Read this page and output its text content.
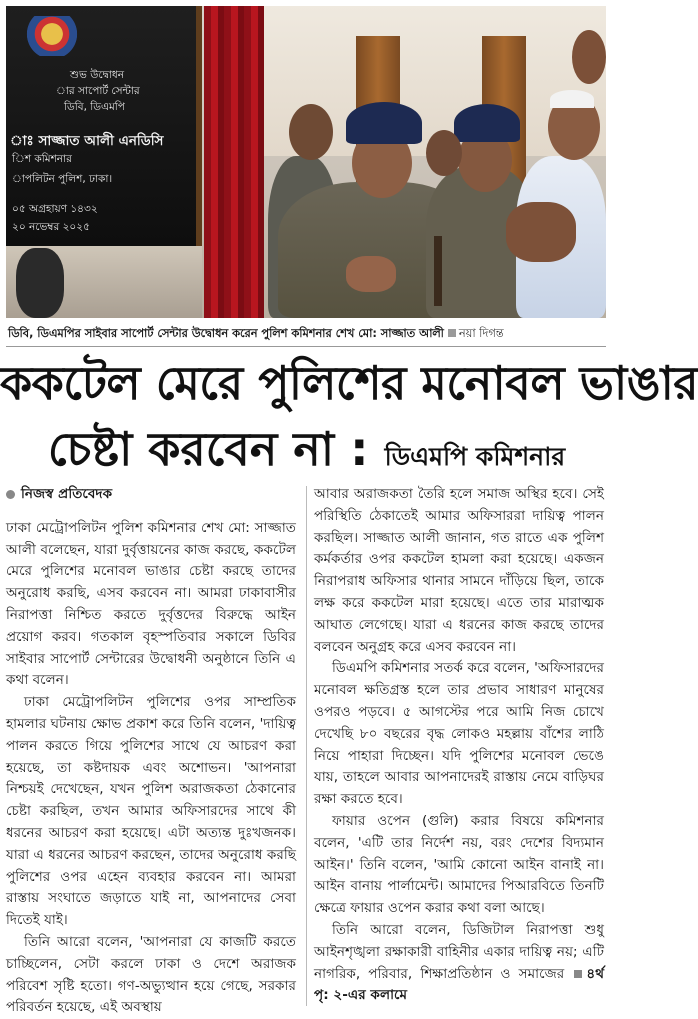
শুভ উদ্বোধন
ার সাপোর্ট সেন্টার
ডিবি, ডিএমপি
াঃ সাজ্জাত আলী এনডিসি
িশ কমিশনার
াপলিটন পুলিশ, ঢাকা।
০৫ অগ্রহায়ণ ১৪৩২
২০ নভেম্বর ২০২৫
ডিবি, ডিএমপির সাইবার সাপোর্ট সেন্টার উদ্বোধন করেন পুলিশ কমিশনার শেখ মো: সাজ্জাত আলী নয়া দিগন্ত
ককটেল মেরে পুলিশের মনোবল ভাঙার
চেষ্টা করবেন না : ডিএমপি কমিশনার
নিজস্ব প্রতিবেদক

ঢাকা মেট্রোপলিটন পুলিশ কমিশনার শেখ মো: সাজ্জাত আলী বলেছেন, যারা দুর্বৃত্তায়নের কাজ করছে, ককটেল মেরে পুলিশের মনোবল ভাঙার চেষ্টা করছে তাদের অনুরোধ করছি, এসব করবেন না। আমরা ঢাকাবাসীর নিরাপত্তা নিশ্চিত করতে দুর্বৃত্তদের বিরুদ্ধে আইন প্রয়োগ করব। গতকাল বৃহস্পতিবার সকালে ডিবির সাইবার সাপোর্ট সেন্টারের উদ্বোধনী অনুষ্ঠানে তিনি এ কথা বলেন।

ঢাকা মেট্রোপলিটন পুলিশের ওপর সাম্প্রতিক হামলার ঘটনায় ক্ষোভ প্রকাশ করে তিনি বলেন, 'দায়িত্ব পালন করতে গিয়ে পুলিশের সাথে যে আচরণ করা হয়েছে, তা কষ্টদায়ক এবং অশোভন। 'আপনারা নিশ্চয়ই দেখেছেন, যখন পুলিশ অরাজকতা ঠেকানোর চেষ্টা করছিল, তখন আমার অফিসারদের সাথে কী ধরনের আচরণ করা হয়েছে। এটা অত্যন্ত দুঃখজনক। যারা এ ধরনের আচরণ করছেন, তাদের অনুরোধ করছি পুলিশের ওপর এহেন ব্যবহার করবেন না। আমরা রাস্তায় সংঘাতে জড়াতে যাই না, আপনাদের সেবা দিতেই যাই।

তিনি আরো বলেন, 'আপনারা যে কাজটি করতে চাচ্ছিলেন, সেটা করলে ঢাকা ও দেশে অরাজক পরিবেশ সৃষ্টি হতো। গণ-অভ্যুত্থান হয়ে গেছে, সরকার পরিবর্তন হয়েছে, এই অবস্থায়

আবার অরাজকতা তৈরি হলে সমাজ অস্থির হবে। সেই পরিস্থিতি ঠেকাতেই আমার অফিসাররা দায়িত্ব পালন করছিল। সাজ্জাত আলী জানান, গত রাতে এক পুলিশ কর্মকর্তার ওপর ককটেল হামলা করা হয়েছে। একজন নিরাপরাধ অফিসার থানার সামনে দাঁড়িয়ে ছিল, তাকে লক্ষ করে ককটেল মারা হয়েছে। এতে তার মারাত্মক আঘাত লেগেছে। যারা এ ধরনের কাজ করছে তাদের বলবেন অনুগ্রহ করে এসব করবেন না।

ডিএমপি কমিশনার সতর্ক করে বলেন, 'অফিসারদের মনোবল ক্ষতিগ্রস্ত হলে তার প্রভাব সাধারণ মানুষের ওপরও পড়বে। ৫ আগস্টের পরে আমি নিজ চোখে দেখেছি ৮০ বছরের বৃদ্ধ লোকও মহল্লায় বাঁশের লাঠি নিয়ে পাহারা দিচ্ছেন। যদি পুলিশের মনোবল ভেঙে যায়, তাহলে আবার আপনাদেরই রাস্তায় নেমে বাড়িঘর রক্ষা করতে হবে।

ফায়ার ওপেন (গুলি) করার বিষয়ে কমিশনার বলেন, 'এটি তার নির্দেশ নয়, বরং দেশের বিদ্যমান আইন।' তিনি বলেন, 'আমি কোনো আইন বানাই না। আইন বানায় পার্লামেন্ট। আমাদের পিআরবিতে তিনটি ক্ষেত্রে ফায়ার ওপেন করার কথা বলা আছে।

তিনি আরো বলেন, ডিজিটাল নিরাপত্তা শুধু আইনশৃঙ্খলা রক্ষাকারী বাহিনীর একার দায়িত্ব নয়; এটি নাগরিক, পরিবার, শিক্ষাপ্রতিষ্ঠান ও সমাজের ৪র্থ পৃ: ২-এর কলামে
